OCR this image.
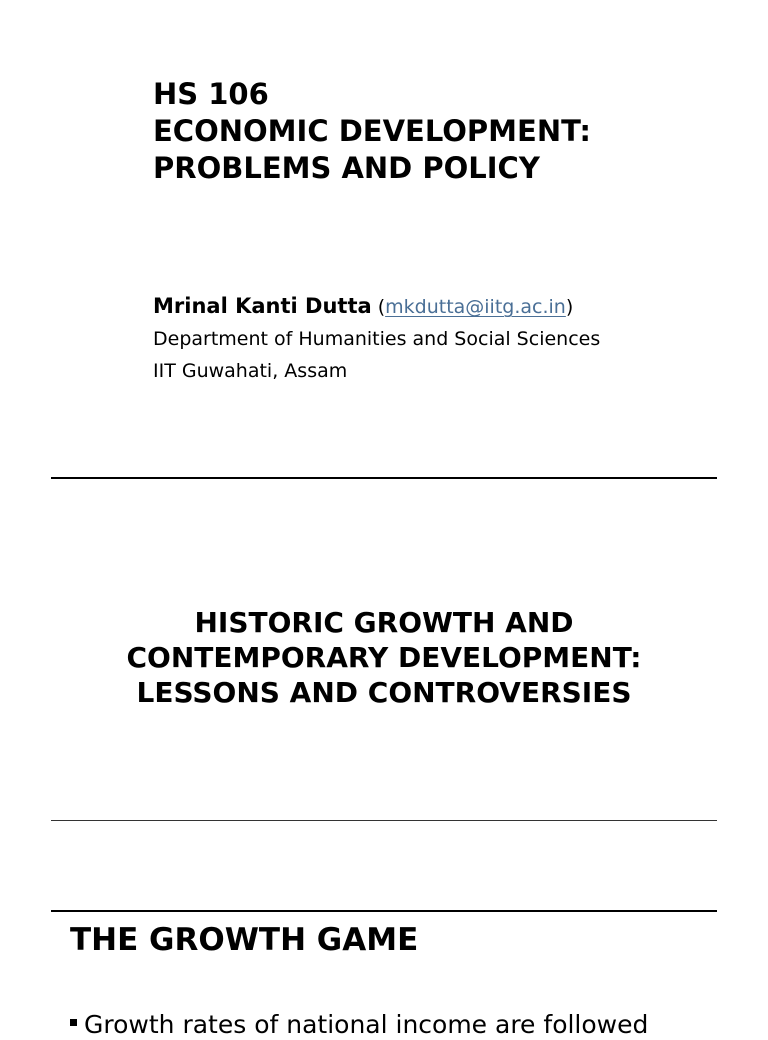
HS 106
ECONOMIC DEVELOPMENT:
PROBLEMS AND POLICY
Mrinal Kanti Dutta (mkdutta@iitg.ac.in)
Department of Humanities and Social Sciences
IIT Guwahati, Assam
HISTORIC GROWTH AND
CONTEMPORARY DEVELOPMENT:
LESSONS AND CONTROVERSIES
THE GROWTH GAME
Growth rates of national income are followed
